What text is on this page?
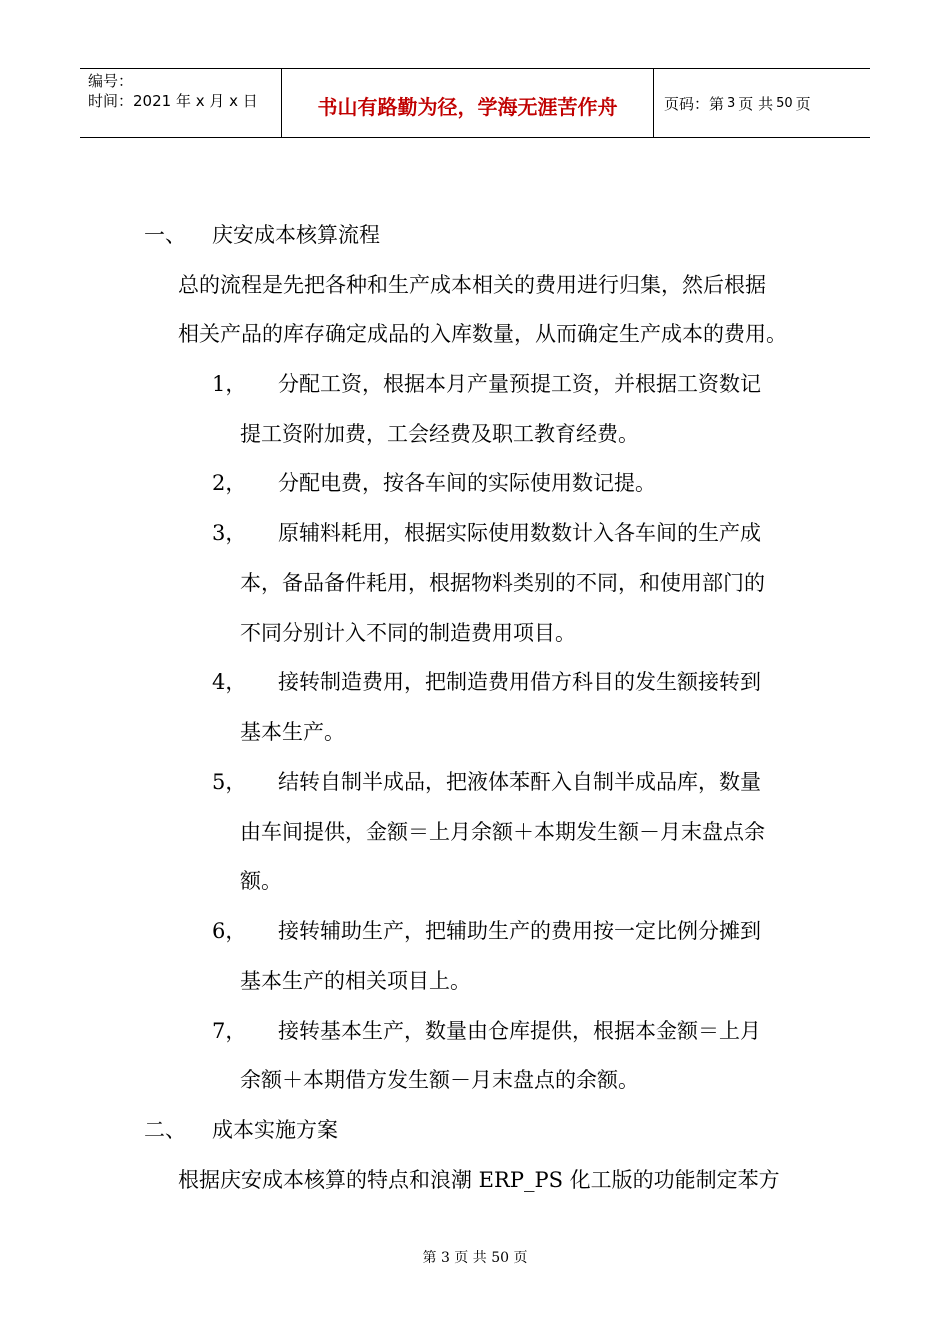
编号：
时间：2021 年 x 月 x 日	书山有路勤为径，学海无涯苦作舟	页码：第 3 页 共 50 页
一、 庆安成本核算流程
总的流程是先把各种和生产成本相关的费用进行归集，然后根据
相关产品的库存确定成品的入库数量，从而确定生产成本的费用。
1， 分配工资，根据本月产量预提工资，并根据工资数记
提工资附加费，工会经费及职工教育经费。
2， 分配电费，按各车间的实际使用数记提。
3， 原辅料耗用，根据实际使用数数计入各车间的生产成
本，备品备件耗用，根据物料类别的不同，和使用部门的
不同分别计入不同的制造费用项目。
4， 接转制造费用，把制造费用借方科目的发生额接转到
基本生产。
5， 结转自制半成品，把液体苯酐入自制半成品库，数量
由车间提供，金额＝上月余额＋本期发生额－月末盘点余
额。
6， 接转辅助生产，把辅助生产的费用按一定比例分摊到
基本生产的相关项目上。
7， 接转基本生产，数量由仓库提供，根据本金额＝上月
余额＋本期借方发生额－月末盘点的余额。
二、 成本实施方案
根据庆安成本核算的特点和浪潮 ERP_PS 化工版的功能制定苯方
第 3 页 共 50 页
